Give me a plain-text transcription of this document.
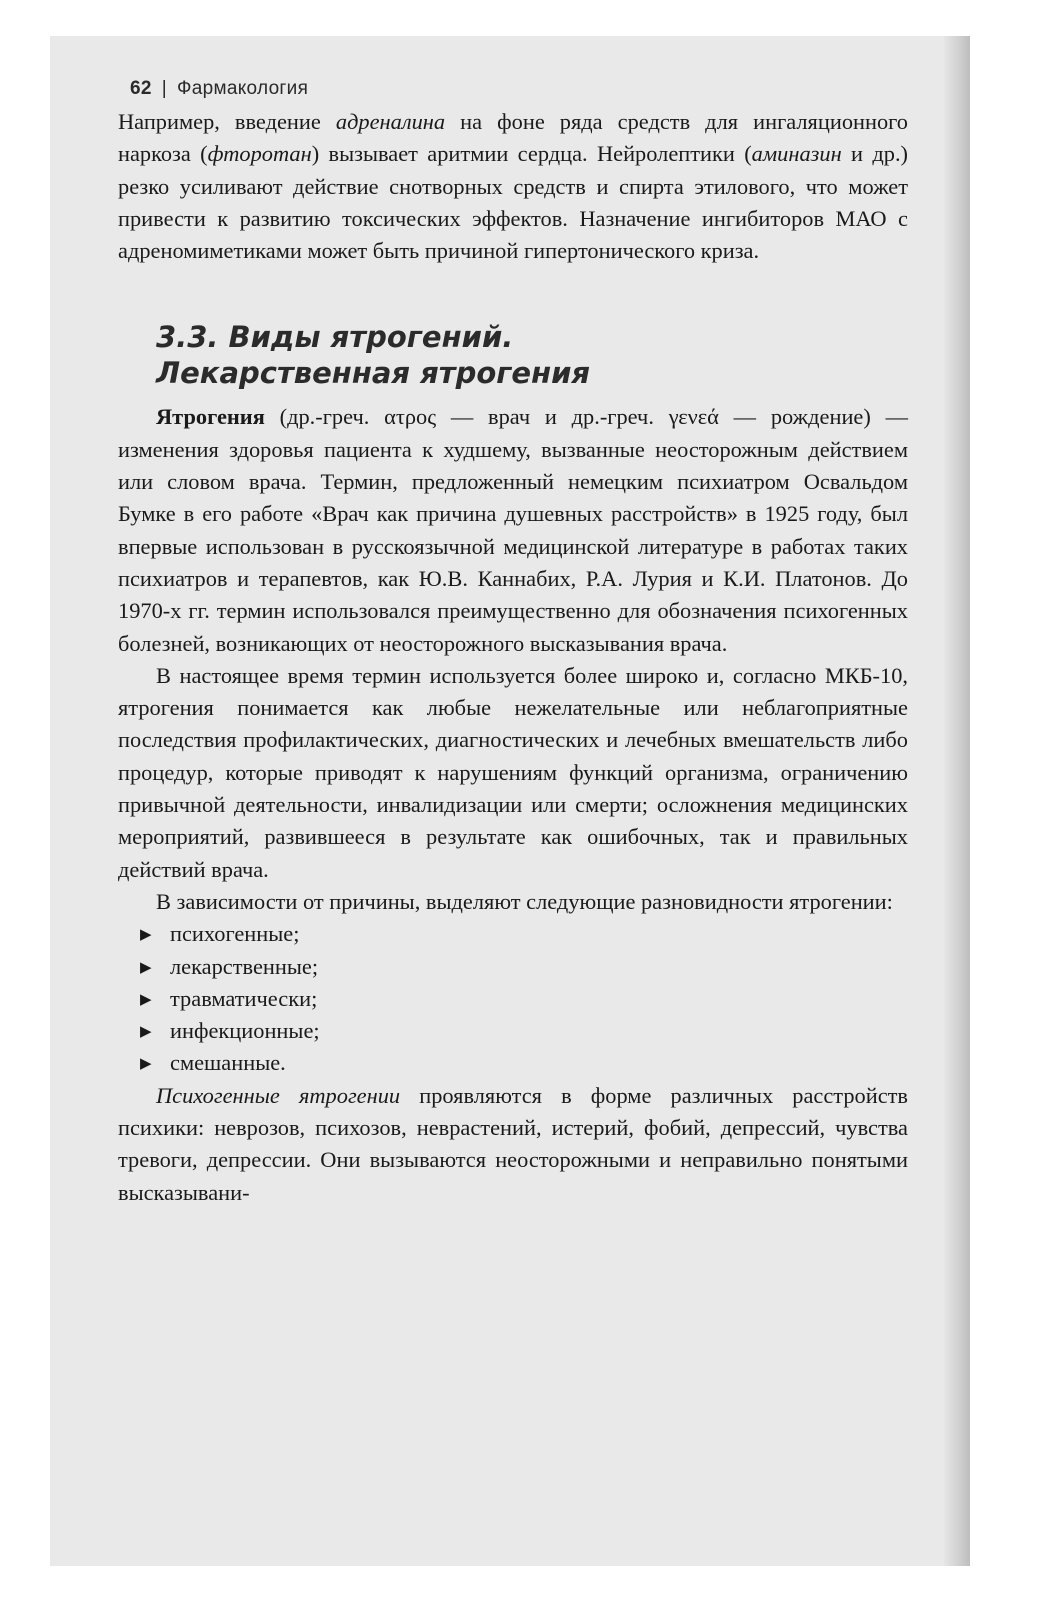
62 | Фармакология

Например, введение адреналина на фоне ряда средств для ингаляционного наркоза (фторотан) вызывает аритмии сердца. Нейролептики (аминазин и др.) резко усиливают действие снотворных средств и спирта этилового, что может привести к развитию токсических эффектов. Назначение ингибиторов МАО с адреномиметиками может быть причиной гипертонического криза.

3.3. Виды ятрогений.
Лекарственная ятрогения

Ятрогения (др.-греч. ατρος — врач и др.-греч. γενεά — рождение) — изменения здоровья пациента к худшему, вызванные неосторожным действием или словом врача. Термин, предложенный немецким психиатром Освальдом Бумке в его работе «Врач как причина душевных расстройств» в 1925 году, был впервые использован в русскоязычной медицинской литературе в работах таких психиатров и терапевтов, как Ю.В. Каннабих, Р.А. Лурия и К.И. Платонов. До 1970-х гг. термин использовался преимущественно для обозначения психогенных болезней, возникающих от неосторожного высказывания врача.

В настоящее время термин используется более широко и, согласно МКБ-10, ятрогения понимается как любые нежелательные или неблагоприятные последствия профилактических, диагностических и лечебных вмешательств либо процедур, которые приводят к нарушениям функций организма, ограничению привычной деятельности, инвалидизации или смерти; осложнения медицинских мероприятий, развившееся в результате как ошибочных, так и правильных действий врача.

В зависимости от причины, выделяют следующие разновидности ятрогении:

▶ психогенные;
▶ лекарственные;
▶ травматически;
▶ инфекционные;
▶ смешанные.

Психогенные ятрогении проявляются в форме различных расстройств психики: неврозов, психозов, неврастений, истерий, фобий, депрессий, чувства тревоги, депрессии. Они вызываются неосторожными и неправильно понятыми высказывани-
